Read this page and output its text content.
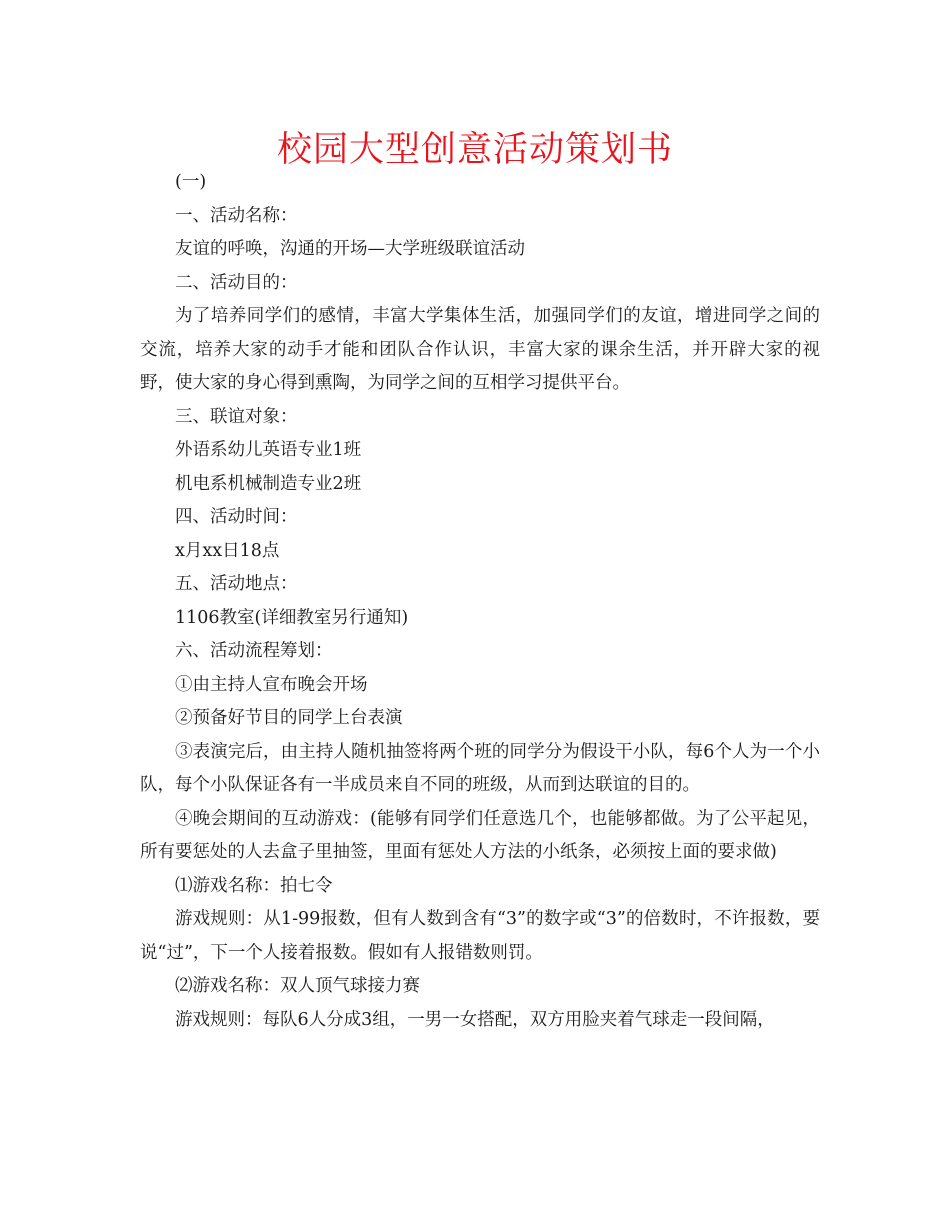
校园大型创意活动策划书

(一)

一、活动名称：

友谊的呼唤，沟通的开场—大学班级联谊活动

二、活动目的：

为了培养同学们的感情，丰富大学集体生活，加强同学们的友谊，增进同学之间的交流，培养大家的动手才能和团队合作认识，丰富大家的课余生活，并开辟大家的视野，使大家的身心得到熏陶，为同学之间的互相学习提供平台。

三、联谊对象：

外语系幼儿英语专业1班

机电系机械制造专业2班

四、活动时间：

x月xx日18点

五、活动地点：

1106教室(详细教室另行通知)

六、活动流程筹划：

①由主持人宣布晚会开场

②预备好节目的同学上台表演

③表演完后，由主持人随机抽签将两个班的同学分为假设干小队，每6个人为一个小队，每个小队保证各有一半成员来自不同的班级，从而到达联谊的目的。

④晚会期间的互动游戏：(能够有同学们任意选几个，也能够都做。为了公平起见，所有要惩处的人去盒子里抽签，里面有惩处人方法的小纸条，必须按上面的要求做)

⑴游戏名称：拍七令

游戏规则：从1-99报数，但有人数到含有“3”的数字或“3”的倍数时，不许报数，要说“过”，下一个人接着报数。假如有人报错数则罚。

⑵游戏名称：双人顶气球接力赛

游戏规则：每队6人分成3组，一男一女搭配，双方用脸夹着气球走一段间隔，
